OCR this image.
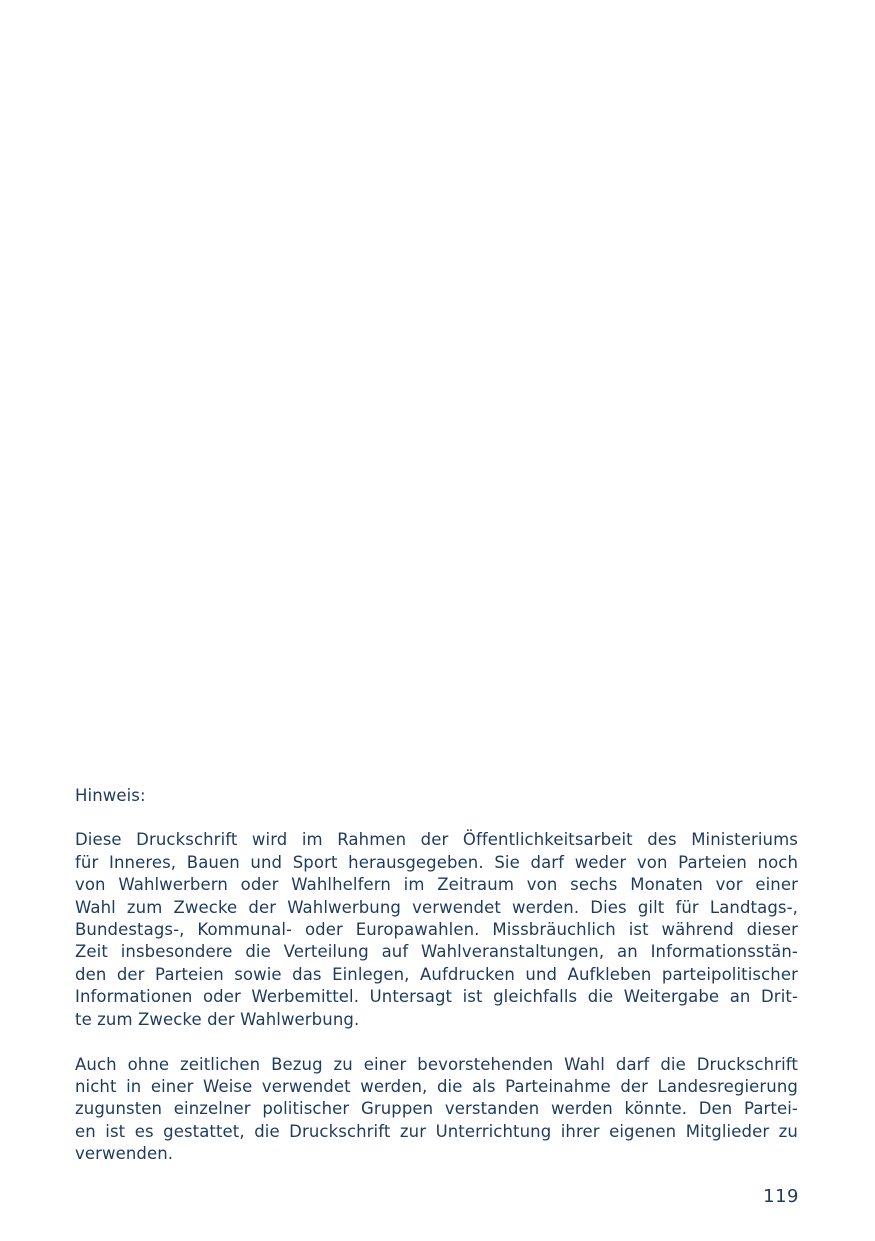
Hinweis:
Diese Druckschrift wird im Rahmen der Öffentlichkeitsarbeit des Ministeriums
für Inneres, Bauen und Sport herausgegeben. Sie darf weder von Parteien noch
von Wahlwerbern oder Wahlhelfern im Zeitraum von sechs Monaten vor einer
Wahl zum Zwecke der Wahlwerbung verwendet werden. Dies gilt für Landtags-,
Bundestags-, Kommunal- oder Europawahlen. Missbräuchlich ist während dieser
Zeit insbesondere die Verteilung auf Wahlveranstaltungen, an Informationsstän-
den der Parteien sowie das Einlegen, Aufdrucken und Aufkleben parteipolitischer
Informationen oder Werbemittel. Untersagt ist gleichfalls die Weitergabe an Drit-
te zum Zwecke der Wahlwerbung.
Auch ohne zeitlichen Bezug zu einer bevorstehenden Wahl darf die Druckschrift
nicht in einer Weise verwendet werden, die als Parteinahme der Landesregierung
zugunsten einzelner politischer Gruppen verstanden werden könnte. Den Partei-
en ist es gestattet, die Druckschrift zur Unterrichtung ihrer eigenen Mitglieder zu
verwenden.
119
